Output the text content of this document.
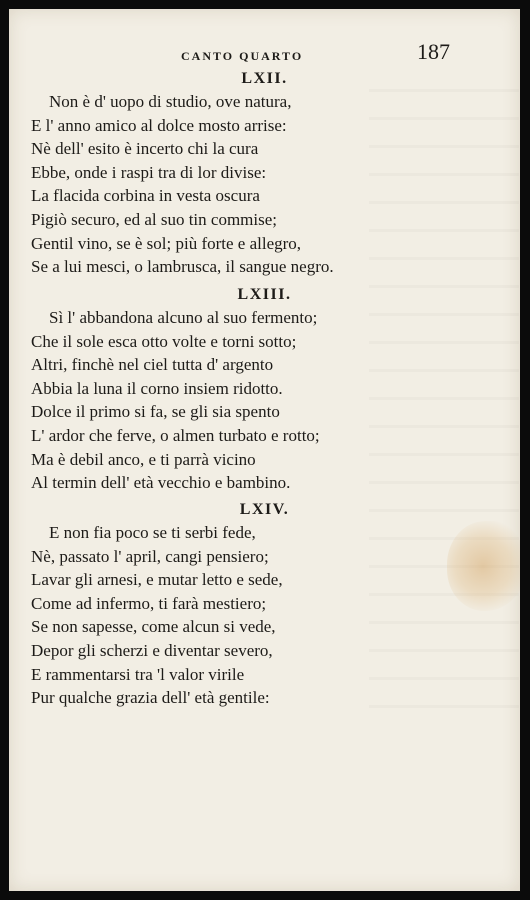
CANTO QUARTO	187
LXII.
Non è d' uopo di studio, ove natura,
E l' anno amico al dolce mosto arrise:
Nè dell' esito è incerto chi la cura
Ebbe, onde i raspi tra di lor divise:
La flacida corbina in vesta oscura
Pigiò securo, ed al suo tin commise;
Gentil vino, se è sol; più forte e allegro,
Se a lui mesci, o lambrusca, il sangue negro.
LXIII.
Sì l' abbandona alcuno al suo fermento;
Che il sole esca otto volte e torni sotto;
Altri, finchè nel ciel tutta d' argento
Abbia la luna il corno insiem ridotto.
Dolce il primo si fa, se gli sia spento
L' ardor che ferve, o almen turbato e rotto;
Ma è debil anco, e ti parrà vicino
Al termin dell' età vecchio e bambino.
LXIV.
E non fia poco se ti serbi fede,
Nè, passato l' april, cangi pensiero;
Lavar gli arnesi, e mutar letto e sede,
Come ad infermo, ti farà mestiero;
Se non sapesse, come alcun si vede,
Depor gli scherzi e diventar severo,
E rammentarsi tra 'l valor virile
Pur qualche grazia dell' età gentile:
